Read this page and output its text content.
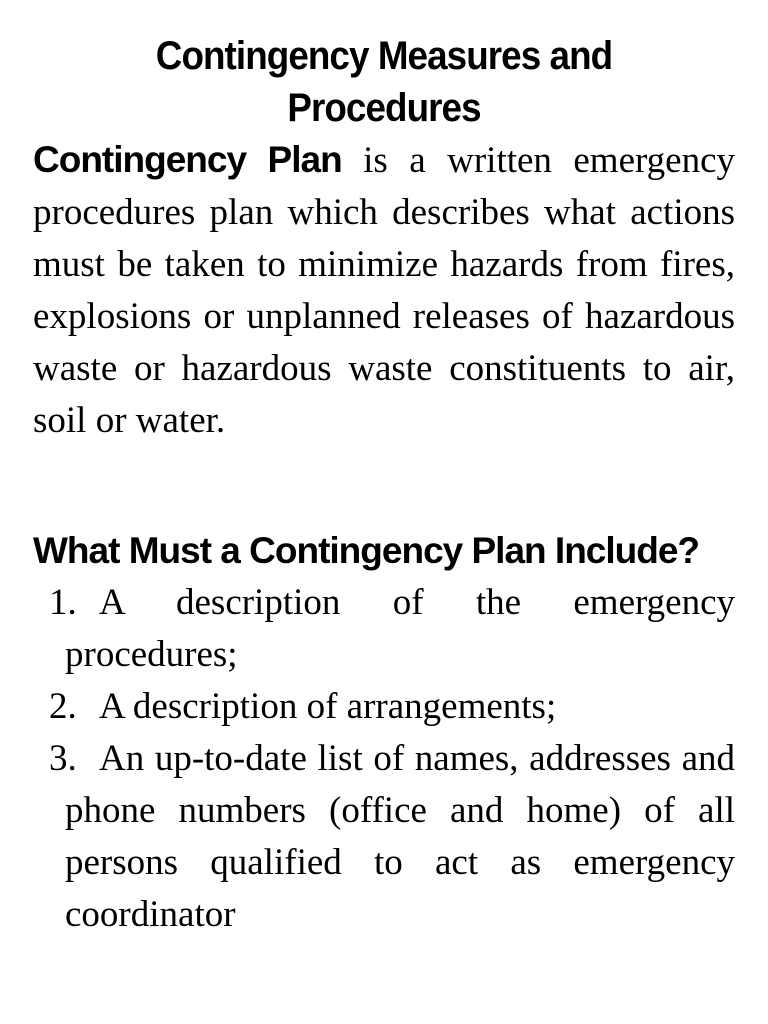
Contingency Measures and Procedures

Contingency Plan is a written emergency procedures plan which describes what actions must be taken to minimize hazards from fires, explosions or unplanned releases of hazardous waste or hazardous waste constituents to air, soil or water.

What Must a Contingency Plan Include?
1. A description of the emergency procedures;
2. A description of arrangements;
3. An up-to-date list of names, addresses and phone numbers (office and home) of all persons qualified to act as emergency coordinator
